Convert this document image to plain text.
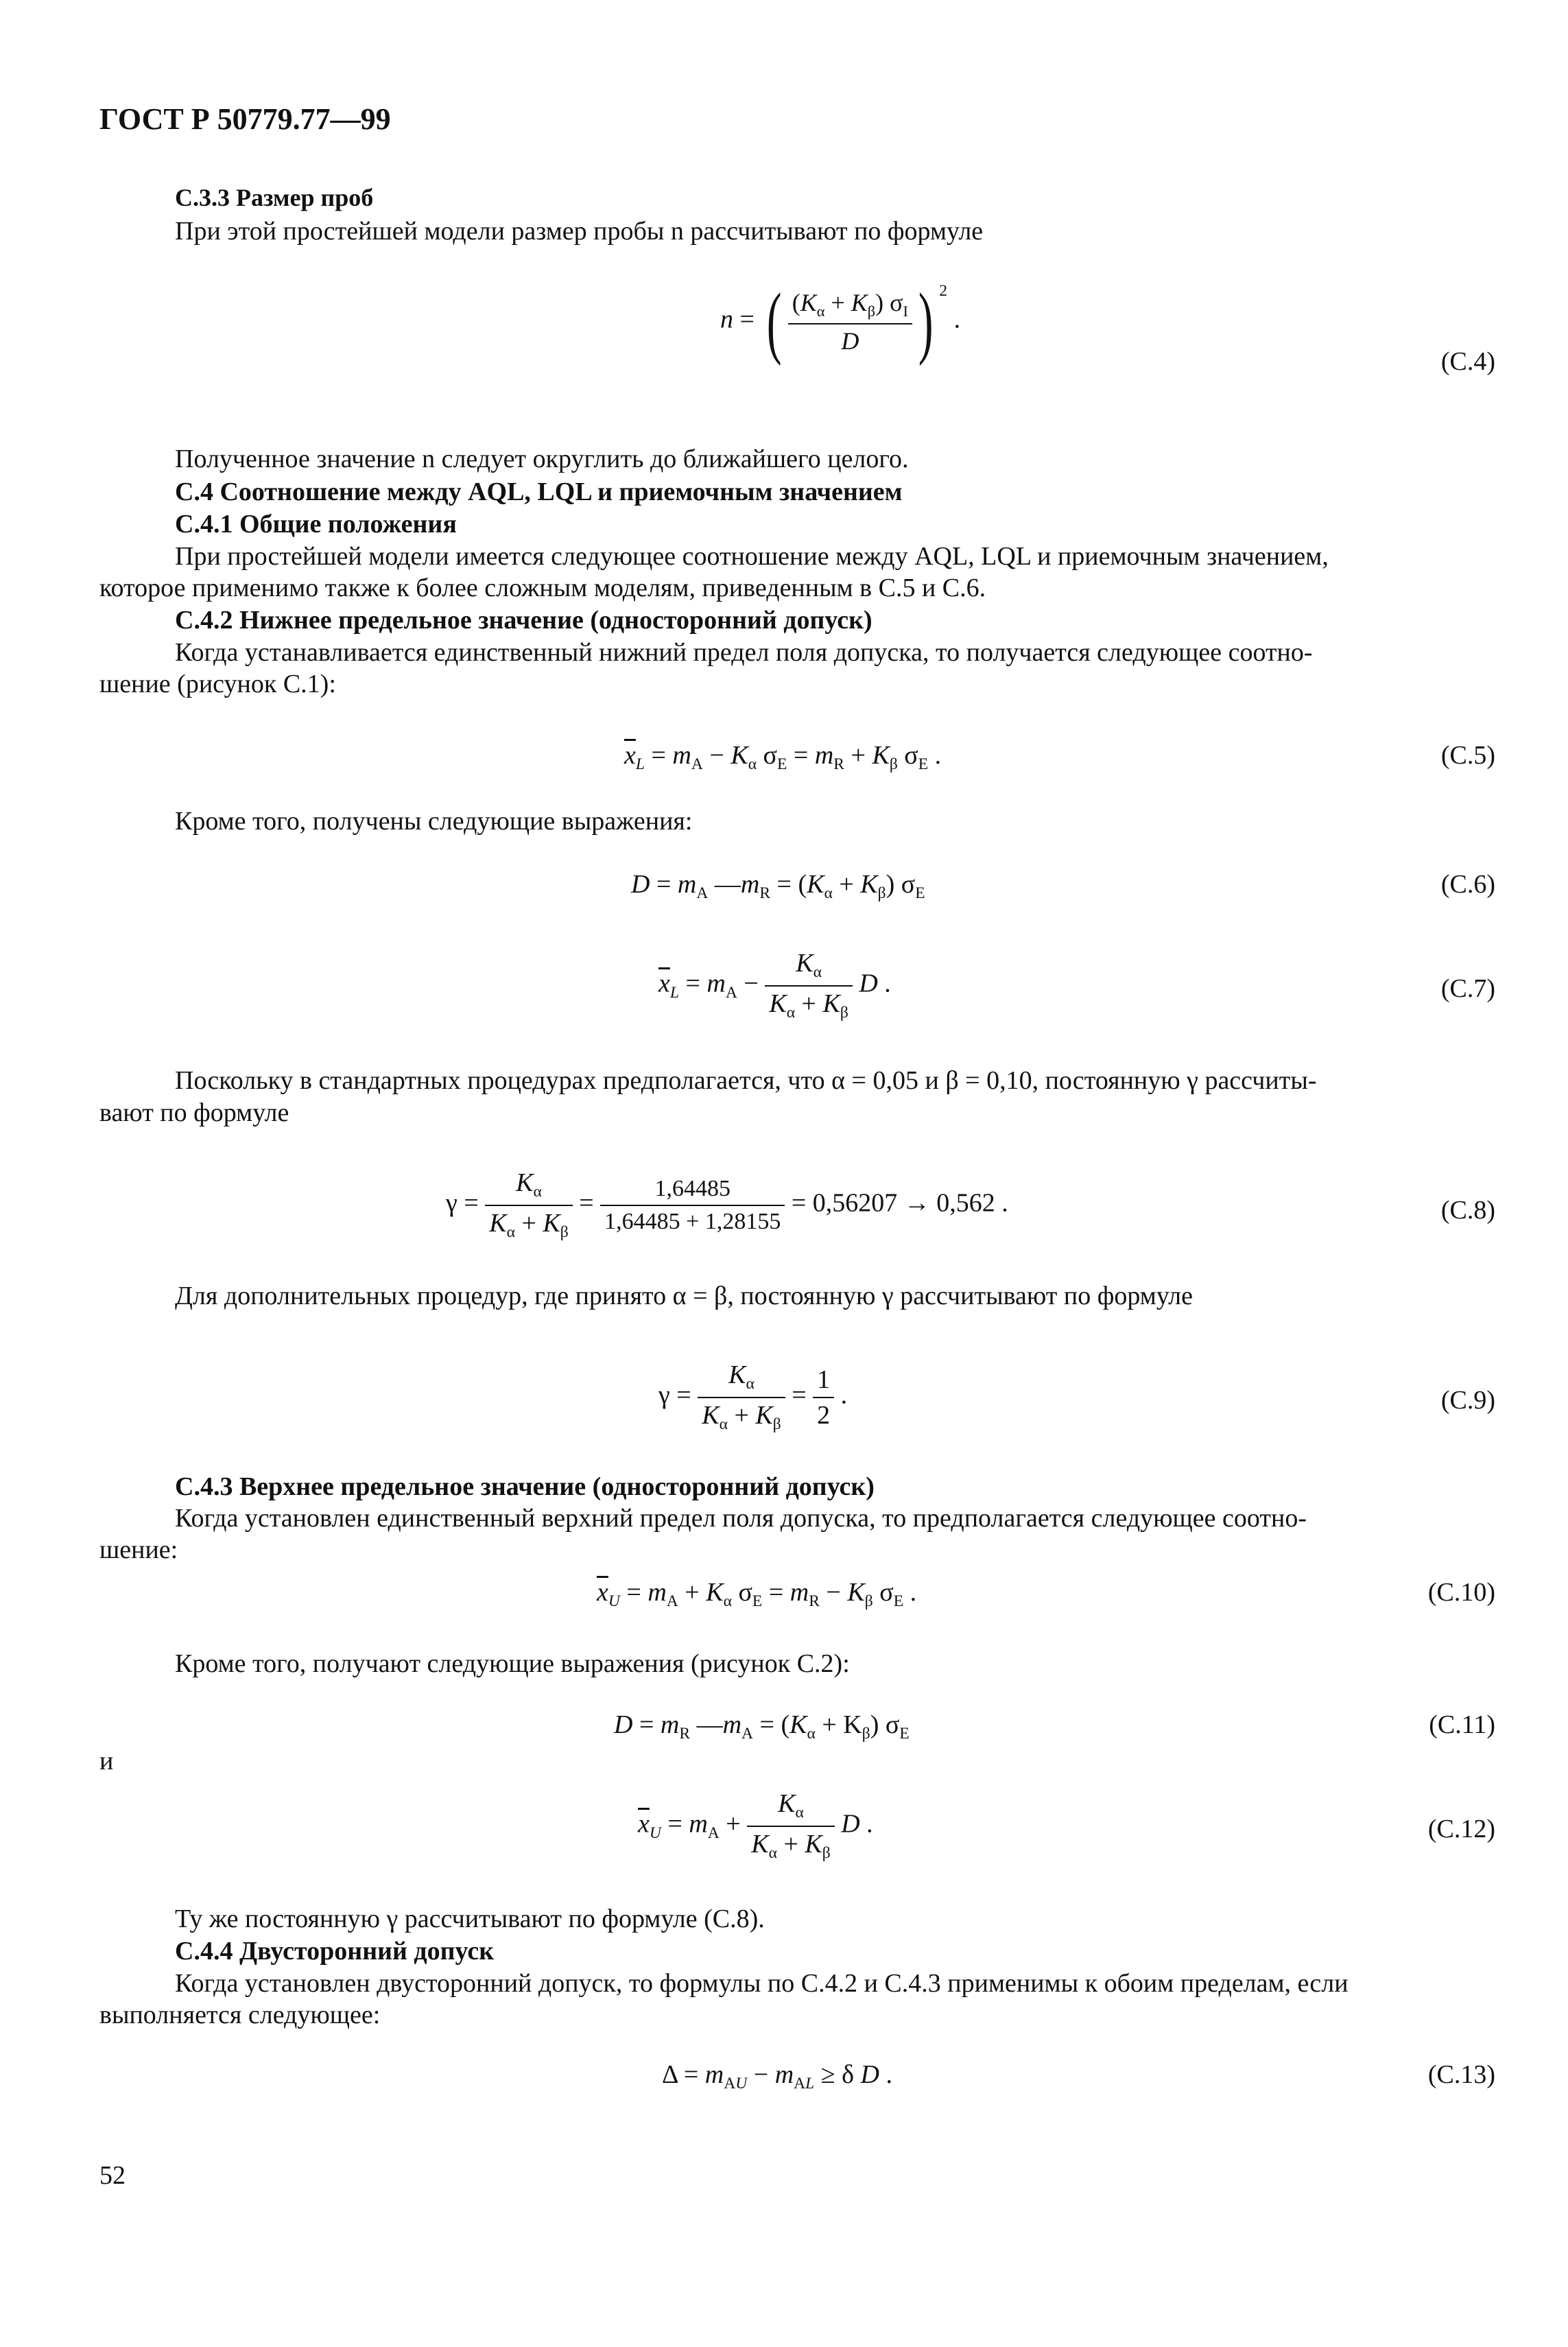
ГОСТ Р 50779.77—99
С.3.3 Размер проб
При этой простейшей модели размер пробы n рассчитывают по формуле
n = ( $\frac{(K_\alpha + K_\beta) \sigma_I}{D}$ ) $^2$ .
(С.4)
Полученное значение n следует округлить до ближайшего целого.
С.4 Соотношение между AQL, LQL и приемочным значением
С.4.1 Общие положения
При простейшей модели имеется следующее соотношение между AQL, LQL и приемочным значением,
которое применимо также к более сложным моделям, приведенным в С.5 и С.6.
С.4.2 Нижнее предельное значение (односторонний допуск)
Когда устанавливается единственный нижний предел поля допуска, то получается следующее соотно-
шение (рисунок С.1):
$\overline{x}_L = m_A - K_\alpha$ $\sigma_E = m_R + K_\beta$ $\sigma_E$ .	(С.5)
Кроме того, получены следующие выражения:
$D = m_A$ $—m_R = (K_\alpha + K_\beta)$ $\sigma_E$	(С.6)
$\overline{x}_L = m_A - \frac{K_\alpha}{K_\alpha + K_\beta}$ D .	(С.7)
Поскольку в стандартных процедурах предполагается, что α = 0,05 и β = 0,10, постоянную γ рассчиты-
вают по формуле
$\gamma = \frac{K_\alpha}{K_\alpha + K_\beta} = \frac{1,64485}{1,64485 + 1,28155} = 0,56207 \to 0,562$ .	(С.8)
Для дополнительных процедур, где принято α = β, постоянную γ рассчитывают по формуле
$\gamma = \frac{K_\alpha}{K_\alpha + K_\beta} = \frac{1}{2}$ .	(С.9)
С.4.3 Верхнее предельное значение (односторонний допуск)
Когда установлен единственный верхний предел поля допуска, то предполагается следующее соотно-
шение:
$\overline{x}_U = m_A + K_\alpha$ $\sigma_E = m_R - K_\beta$ $\sigma_E$ .	(С.10)
Кроме того, получают следующие выражения (рисунок С.2):
$D = m_R$ $—m_A = (K_\alpha + K_\beta)$ $\sigma_E$	(С.11)
и
$\overline{x}_U = m_A + \frac{K_\alpha}{K_\alpha + K_\beta}$ D .	(С.12)
Ту же постоянную γ рассчитывают по формуле (С.8).
С.4.4 Двусторонний допуск
Когда установлен двусторонний допуск, то формулы по С.4.2 и С.4.3 применимы к обоим пределам, если
выполняется следующее:
$\Delta = m_{AU} - m_{AL} \ge \delta$ D .	(С.13)
52
